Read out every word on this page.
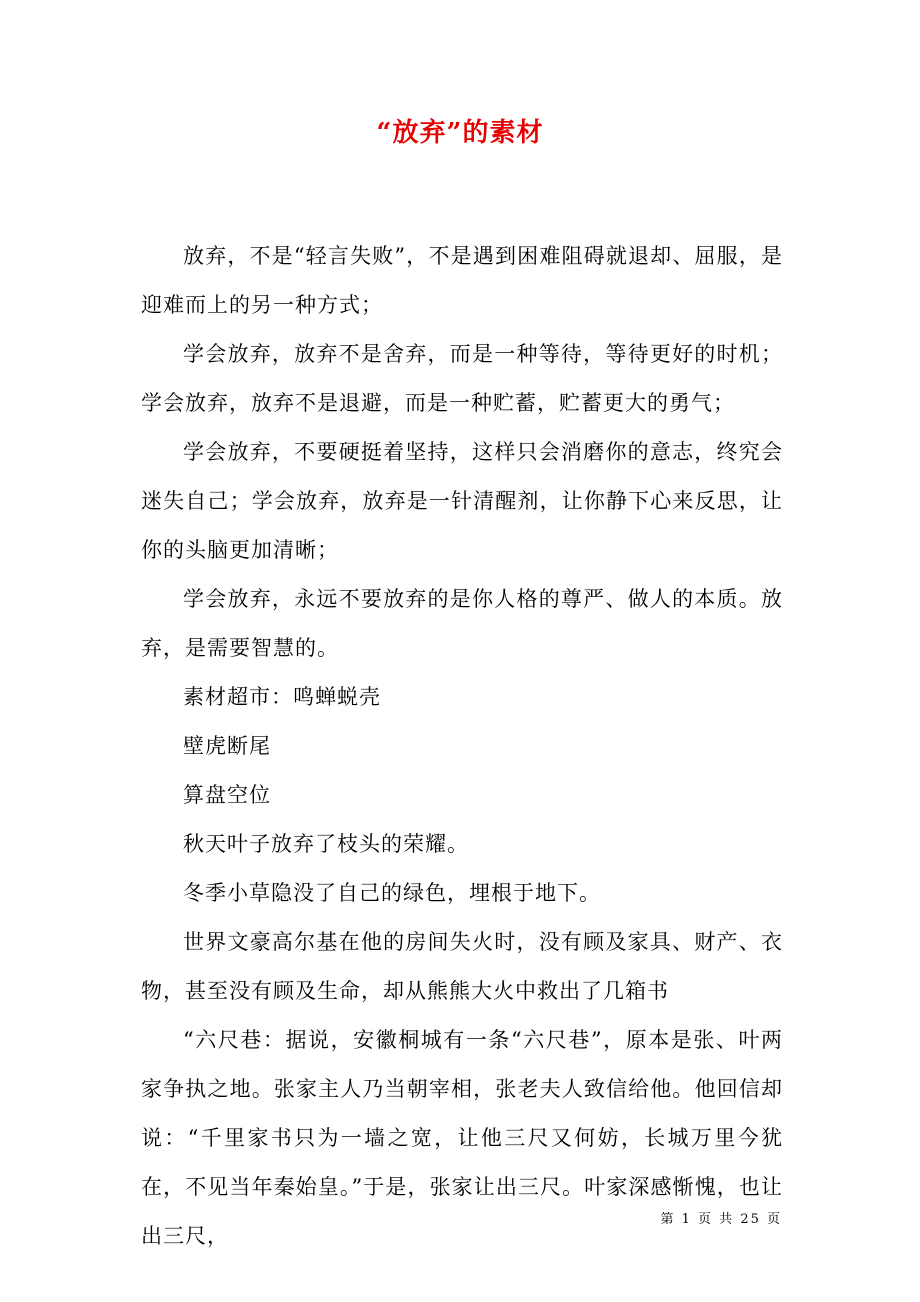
“放弃”的素材

放弃，不是“轻言失败”，不是遇到困难阻碍就退却、屈服，是迎难而上的另一种方式；

学会放弃，放弃不是舍弃，而是一种等待，等待更好的时机；学会放弃，放弃不是退避，而是一种贮蓄，贮蓄更大的勇气；

学会放弃，不要硬挺着坚持，这样只会消磨你的意志，终究会迷失自己；学会放弃，放弃是一针清醒剂，让你静下心来反思，让你的头脑更加清晰；

学会放弃，永远不要放弃的是你人格的尊严、做人的本质。放弃，是需要智慧的。

素材超市：鸣蝉蜕壳

壁虎断尾

算盘空位

秋天叶子放弃了枝头的荣耀。

冬季小草隐没了自己的绿色，埋根于地下。

世界文豪高尔基在他的房间失火时，没有顾及家具、财产、衣物，甚至没有顾及生命，却从熊熊大火中救出了几箱书

“六尺巷：据说，安徽桐城有一条“六尺巷”，原本是张、叶两家争执之地。张家主人乃当朝宰相，张老夫人致信给他。他回信却说：“千里家书只为一墙之宽，让他三尺又何妨，长城万里今犹在，不见当年秦始皇。”于是，张家让出三尺。叶家深感惭愧，也让出三尺，

第 1 页 共 25 页
